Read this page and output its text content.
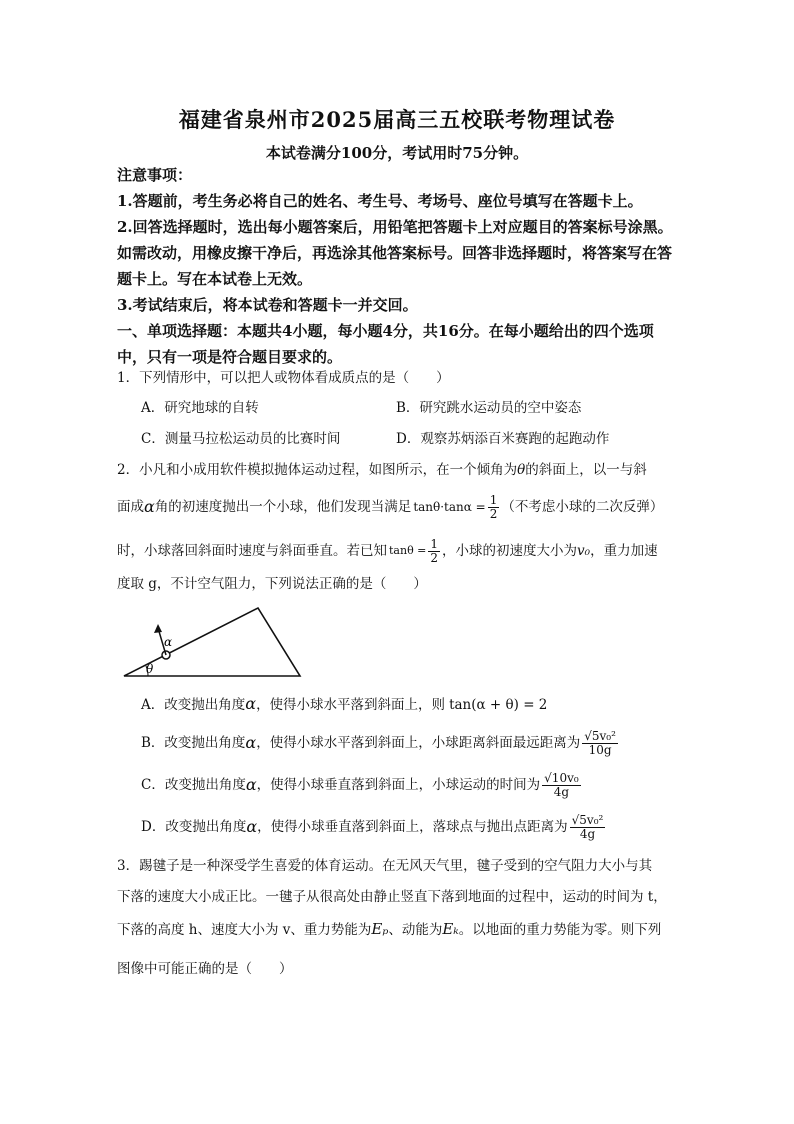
福建省泉州市2025届高三五校联考物理试卷
本试卷满分100分，考试用时75分钟。
注意事项：
1.答题前，考生务必将自己的姓名、考生号、考场号、座位号填写在答题卡上。
2.回答选择题时，选出每小题答案后，用铅笔把答题卡上对应题目的答案标号涂黑。如需改动，用橡皮擦干净后，再选涂其他答案标号。回答非选择题时，将答案写在答题卡上。写在本试卷上无效。
3.考试结束后，将本试卷和答题卡一并交回。
一、单项选择题：本题共4小题，每小题4分，共16分。在每小题给出的四个选项中，只有一项是符合题目要求的。
1．下列情形中，可以把人或物体看成质点的是（　　）
A．研究地球的自转	B．研究跳水运动员的空中姿态
C．测量马拉松运动员的比赛时间	D．观察苏炳添百米赛跑的起跑动作
2．小凡和小成用软件模拟抛体运动过程，如图所示，在一个倾角为θ的斜面上，以一与斜
面成 α 角的初速度抛出一个小球，他们发现当满足 $\tan\theta\cdot\tan\alpha = \frac{1}{2}$ （不考虑小球的二次反弹）
时，小球落回斜面时速度与斜面垂直。若已知 $\tan\theta = \frac{1}{2}$ ，小球的初速度大小为 v₀ ，重力加速
度取 g，不计空气阻力，下列说法正确的是（　　）
α
θ
A．改变抛出角度α，使得小球水平落到斜面上，则 tan(α + θ) = 2
B．改变抛出角度 α ，使得小球水平落到斜面上，小球距离斜面最远距离为 $\frac{\text{√5v₀²}}{10g}$
C．改变抛出角度 α ，使得小球垂直落到斜面上，小球运动的时间为 $\frac{\text{√10v₀}}{4g}$
D．改变抛出角度 α ，使得小球垂直落到斜面上，落球点与抛出点距离为 $\frac{\text{√5v₀²}}{4g}$
3．踢毽子是一种深受学生喜爱的体育运动。在无风天气里，毽子受到的空气阻力大小与其
下落的速度大小成正比。一毽子从很高处由静止竖直下落到地面的过程中，运动的时间为 t，
下落的高度 h、速度大小为 v、重力势能为Eₚ、动能为Eₖ。以地面的重力势能为零。则下列
图像中可能正确的是（　　）
